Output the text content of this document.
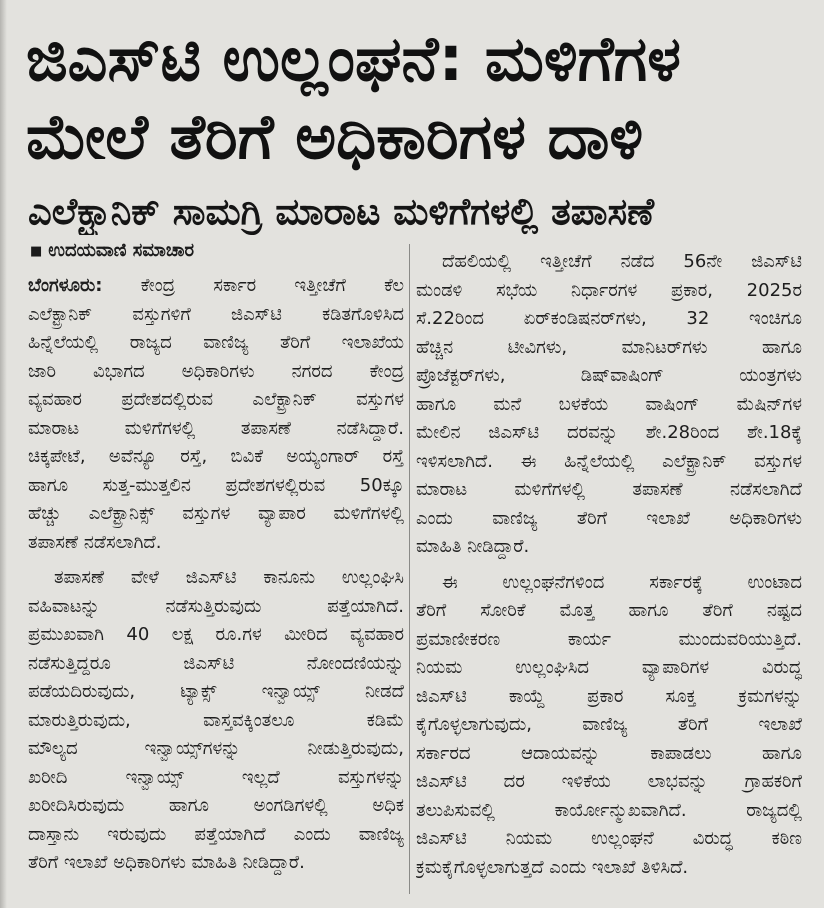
ಜಿಎಸ್‌ಟಿ ಉಲ್ಲಂಘನೆ: ಮಳಿಗೆಗಳ
ಮೇಲೆ ತೆರಿಗೆ ಅಧಿಕಾರಿಗಳ ದಾಳಿ
ಎಲೆಕ್ಟ್ರಾನಿಕ್ ಸಾಮಗ್ರಿ ಮಾರಾಟ ಮಳಿಗೆಗಳಲ್ಲಿ ತಪಾಸಣೆ
■ ಉದಯವಾಣಿ ಸಮಾಚಾರ
ಬೆಂಗಳೂರು: ಕೇಂದ್ರ ಸರ್ಕಾರ ಇತ್ತೀಚೆಗೆ ಕೆಲ
ಎಲೆಕ್ಟ್ರಾನಿಕ್ ವಸ್ತುಗಳಿಗೆ ಜಿಎಸ್‌ಟಿ ಕಡಿತಗೊಳಿಸಿದ
ಹಿನ್ನೆಲೆಯಲ್ಲಿ ರಾಜ್ಯದ ವಾಣಿಜ್ಯ ತೆರಿಗೆ ಇಲಾಖೆಯ
ಜಾರಿ ವಿಭಾಗದ ಅಧಿಕಾರಿಗಳು ನಗರದ ಕೇಂದ್ರ
ವ್ಯವಹಾರ ಪ್ರದೇಶದಲ್ಲಿರುವ ಎಲೆಕ್ಟ್ರಾನಿಕ್ ವಸ್ತುಗಳ
ಮಾರಾಟ ಮಳಿಗೆಗಳಲ್ಲಿ ತಪಾಸಣೆ ನಡೆಸಿದ್ದಾರೆ.
ಚಿಕ್ಕಪೇಟೆ, ಅವೆನ್ಯೂ ರಸ್ತೆ, ಬಿವಿಕೆ ಅಯ್ಯಂಗಾರ್ ರಸ್ತೆ
ಹಾಗೂ ಸುತ್ತ-ಮುತ್ತಲಿನ ಪ್ರದೇಶಗಳಲ್ಲಿರುವ 50ಕ್ಕೂ
ಹೆಚ್ಚು ಎಲೆಕ್ಟ್ರಾನಿಕ್ಸ್ ವಸ್ತುಗಳ ವ್ಯಾಪಾರ ಮಳಿಗೆಗಳಲ್ಲಿ
ತಪಾಸಣೆ ನಡೆಸಲಾಗಿದೆ.
ತಪಾಸಣೆ ವೇಳೆ ಜಿಎಸ್‌ಟಿ ಕಾನೂನು ಉಲ್ಲಂಘಿಸಿ
ವಹಿವಾಟನ್ನು ನಡೆಸುತ್ತಿರುವುದು ಪತ್ತೆಯಾಗಿದೆ.
ಪ್ರಮುಖವಾಗಿ 40 ಲಕ್ಷ ರೂ.ಗಳ ಮೀರಿದ ವ್ಯವಹಾರ
ನಡೆಸುತ್ತಿದ್ದರೂ ಜಿಎಸ್‌ಟಿ ನೋಂದಣಿಯನ್ನು
ಪಡೆಯದಿರುವುದು, ಟ್ಯಾಕ್ಸ್ ಇನ್ವಾಯ್ಸ್ ನೀಡದೆ
ಮಾರುತ್ತಿರುವುದು, ವಾಸ್ತವಕ್ಕಿಂತಲೂ ಕಡಿಮೆ
ಮೌಲ್ಯದ ಇನ್ವಾಯ್ಸ್‌ಗಳನ್ನು ನೀಡುತ್ತಿರುವುದು,
ಖರೀದಿ ಇನ್ವಾಯ್ಸ್ ಇಲ್ಲದೆ ವಸ್ತುಗಳನ್ನು
ಖರೀದಿಸಿರುವುದು ಹಾಗೂ ಅಂಗಡಿಗಳಲ್ಲಿ ಅಧಿಕ
ದಾಸ್ತಾನು ಇರುವುದು ಪತ್ತೆಯಾಗಿದೆ ಎಂದು ವಾಣಿಜ್ಯ
ತೆರಿಗೆ ಇಲಾಖೆ ಅಧಿಕಾರಿಗಳು ಮಾಹಿತಿ ನೀಡಿದ್ದಾರೆ.
ದೆಹಲಿಯಲ್ಲಿ ಇತ್ತೀಚೆಗೆ ನಡೆದ 56ನೇ ಜಿಎಸ್‌ಟಿ
ಮಂಡಳಿ ಸಭೆಯ ನಿರ್ಧಾರಗಳ ಪ್ರಕಾರ, 2025ರ
ಸೆ.22ರಿಂದ ಏರ್‌ಕಂಡಿಷನರ್‌ಗಳು, 32 ಇಂಚಿಗೂ
ಹೆಚ್ಚಿನ ಟೀವಿಗಳು, ಮಾನಿಟರ್‌ಗಳು ಹಾಗೂ
ಪ್ರೊಜೆಕ್ಟರ್‌ಗಳು, ಡಿಷ್‌ವಾಷಿಂಗ್ ಯಂತ್ರಗಳು
ಹಾಗೂ ಮನೆ ಬಳಕೆಯ ವಾಷಿಂಗ್ ಮೆಷಿನ್‌ಗಳ
ಮೇಲಿನ ಜಿಎಸ್‌ಟಿ ದರವನ್ನು ಶೇ.28ರಿಂದ ಶೇ.18ಕ್ಕೆ
ಇಳಿಸಲಾಗಿದೆ. ಈ ಹಿನ್ನೆಲೆಯಲ್ಲಿ ಎಲೆಕ್ಟ್ರಾನಿಕ್ ವಸ್ತುಗಳ
ಮಾರಾಟ ಮಳಿಗೆಗಳಲ್ಲಿ ತಪಾಸಣೆ ನಡೆಸಲಾಗಿದೆ
ಎಂದು ವಾಣಿಜ್ಯ ತೆರಿಗೆ ಇಲಾಖೆ ಅಧಿಕಾರಿಗಳು
ಮಾಹಿತಿ ನೀಡಿದ್ದಾರೆ.
ಈ ಉಲ್ಲಂಘನೆಗಳಿಂದ ಸರ್ಕಾರಕ್ಕೆ ಉಂಟಾದ
ತೆರಿಗೆ ಸೋರಿಕೆ ಮೊತ್ತ ಹಾಗೂ ತೆರಿಗೆ ನಷ್ಟದ
ಪ್ರಮಾಣೀಕರಣ ಕಾರ್ಯ ಮುಂದುವರಿಯುತ್ತಿದೆ.
ನಿಯಮ ಉಲ್ಲಂಘಿಸಿದ ವ್ಯಾಪಾರಿಗಳ ವಿರುದ್ಧ
ಜಿಎಸ್‌ಟಿ ಕಾಯ್ದೆ ಪ್ರಕಾರ ಸೂಕ್ತ ಕ್ರಮಗಳನ್ನು
ಕೈಗೊಳ್ಳಲಾಗುವುದು, ವಾಣಿಜ್ಯ ತೆರಿಗೆ ಇಲಾಖೆ
ಸರ್ಕಾರದ ಆದಾಯವನ್ನು ಕಾಪಾಡಲು ಹಾಗೂ
ಜಿಎಸ್‌ಟಿ ದರ ಇಳಿಕೆಯ ಲಾಭವನ್ನು ಗ್ರಾಹಕರಿಗೆ
ತಲುಪಿಸುವಲ್ಲಿ ಕಾರ್ಯೋನ್ಮುಖವಾಗಿದೆ. ರಾಜ್ಯದಲ್ಲಿ
ಜಿಎಸ್‌ಟಿ ನಿಯಮ ಉಲ್ಲಂಘನೆ ವಿರುದ್ಧ ಕಠಿಣ
ಕ್ರಮಕೈಗೊಳ್ಳಲಾಗುತ್ತದೆ ಎಂದು ಇಲಾಖೆ ತಿಳಿಸಿದೆ.
